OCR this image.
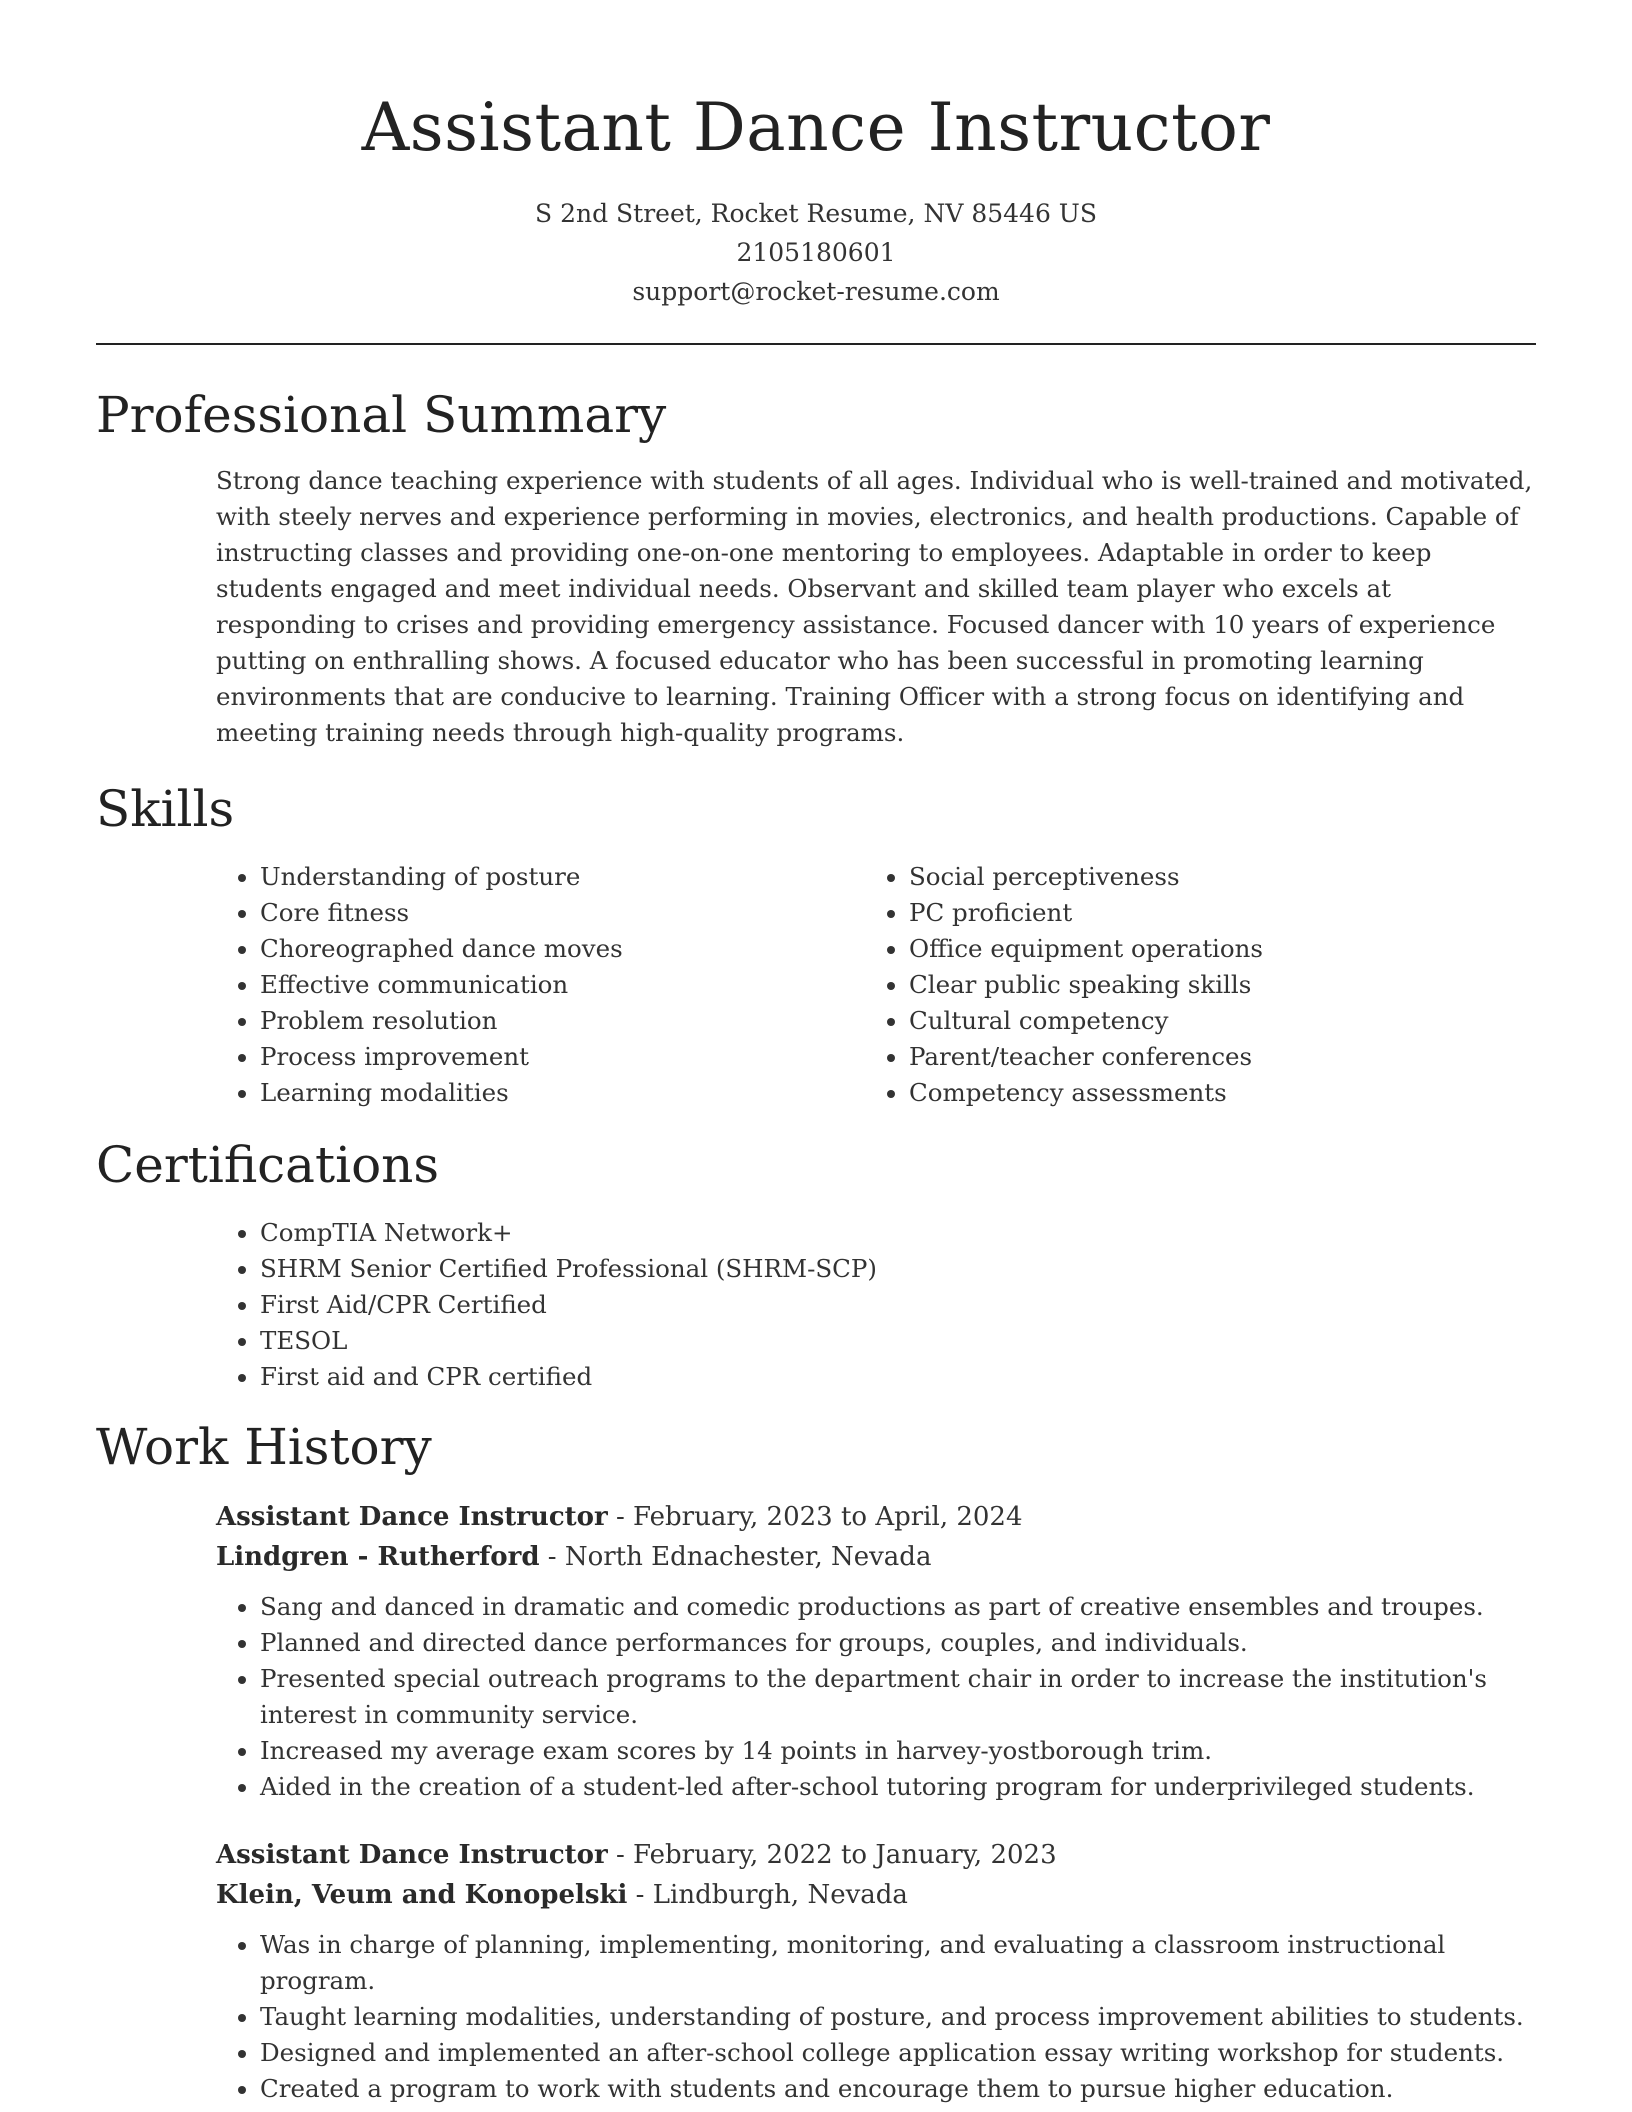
Assistant Dance Instructor
S 2nd Street, Rocket Resume, NV 85446 US
2105180601
support@rocket-resume.com
Professional Summary
Strong dance teaching experience with students of all ages. Individual who is well-trained and motivated, with steely nerves and experience performing in movies, electronics, and health productions. Capable of instructing classes and providing one-on-one mentoring to employees. Adaptable in order to keep students engaged and meet individual needs. Observant and skilled team player who excels at responding to crises and providing emergency assistance. Focused dancer with 10 years of experience putting on enthralling shows. A focused educator who has been successful in promoting learning environments that are conducive to learning. Training Officer with a strong focus on identifying and meeting training needs through high-quality programs.
Skills
• Understanding of posture
• Core fitness
• Choreographed dance moves
• Effective communication
• Problem resolution
• Process improvement
• Learning modalities
• Social perceptiveness
• PC proficient
• Office equipment operations
• Clear public speaking skills
• Cultural competency
• Parent/teacher conferences
• Competency assessments
Certifications
• CompTIA Network+
• SHRM Senior Certified Professional (SHRM-SCP)
• First Aid/CPR Certified
• TESOL
• First aid and CPR certified
Work History
Assistant Dance Instructor - February, 2023 to April, 2024
Lindgren - Rutherford - North Ednachester, Nevada
• Sang and danced in dramatic and comedic productions as part of creative ensembles and troupes.
• Planned and directed dance performances for groups, couples, and individuals.
• Presented special outreach programs to the department chair in order to increase the institution's interest in community service.
• Increased my average exam scores by 14 points in harvey-yostborough trim.
• Aided in the creation of a student-led after-school tutoring program for underprivileged students.
Assistant Dance Instructor - February, 2022 to January, 2023
Klein, Veum and Konopelski - Lindburgh, Nevada
• Was in charge of planning, implementing, monitoring, and evaluating a classroom instructional program.
• Taught learning modalities, understanding of posture, and process improvement abilities to students.
• Designed and implemented an after-school college application essay writing workshop for students.
• Created a program to work with students and encourage them to pursue higher education.
